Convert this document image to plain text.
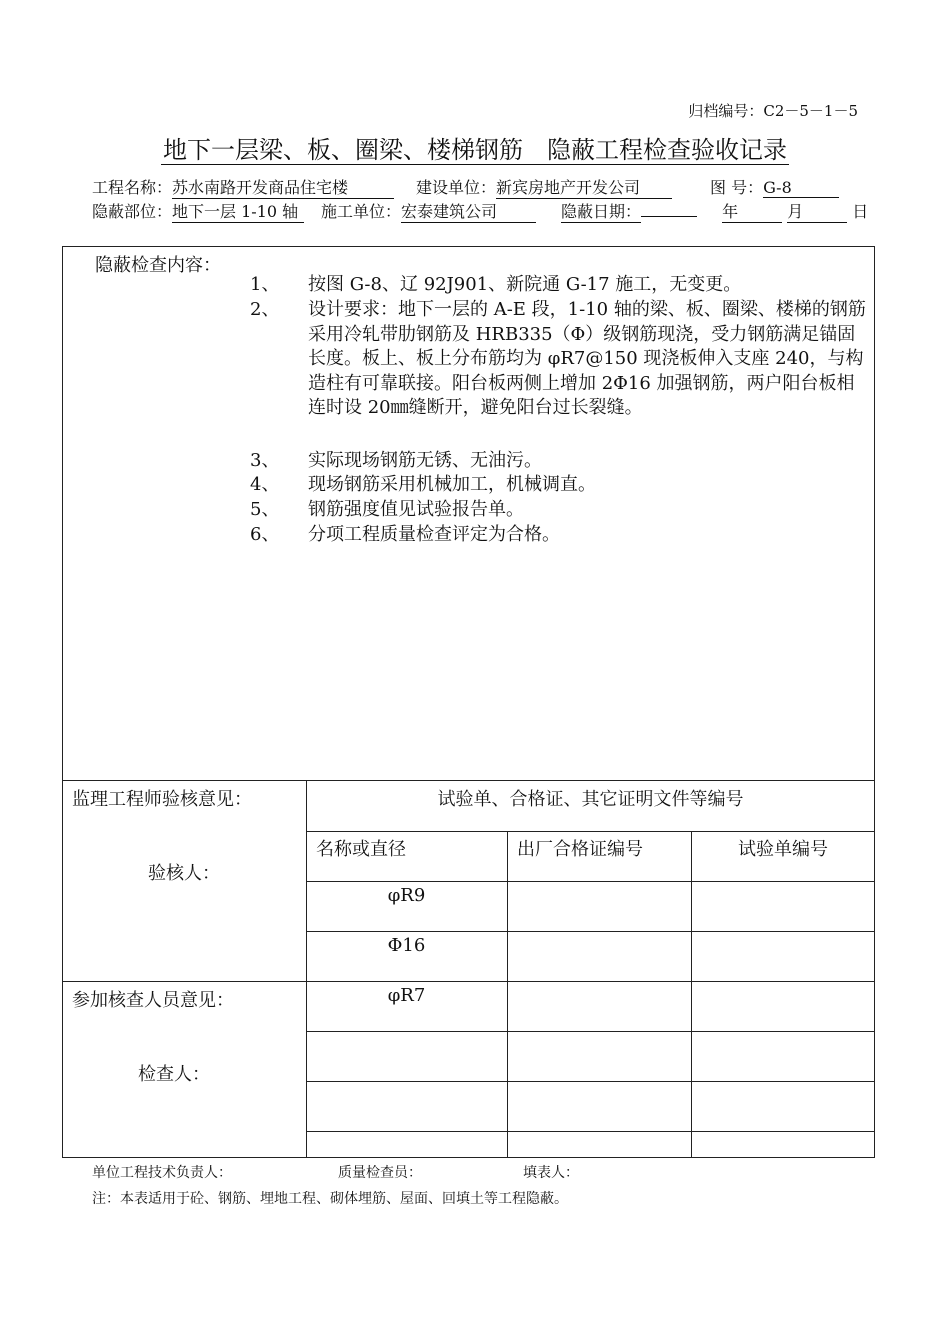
归档编号：C2－5－1－5
地下一层梁、板、圈梁、楼梯钢筋　隐蔽工程检查验收记录
工程名称：苏水南路开发商品住宅楼	建设单位：新宾房地产开发公司	图 号：G-8
隐蔽部位：地下一层 1-10 轴	施工单位：宏泰建筑公司	隐蔽日期：	年	月	日
隐蔽检查内容：
1、 按图 G-8、辽 92J901、新院通 G-17 施工，无变更。
2、 设计要求：地下一层的 A-E 段，1-10 轴的梁、板、圈梁、楼梯的钢筋采用冷轧带肋钢筋及 HRB335（Φ）级钢筋现浇，受力钢筋满足锚固长度。板上、板上分布筋均为 φR7@150 现浇板伸入支座 240，与构造柱有可靠联接。阳台板两侧上增加 2Φ16 加强钢筋，两户阳台板相连时设 20㎜缝断开，避免阳台过长裂缝。
3、 实际现场钢筋无锈、无油污。
4、 现场钢筋采用机械加工，机械调直。
5、 钢筋强度值见试验报告单。
6、 分项工程质量检查评定为合格。
监理工程师验核意见：
验核人：
参加核查人员意见：
检查人：
试验单、合格证、其它证明文件等编号
名称或直径	出厂合格证编号	试验单编号
φR9
Φ16
φR7
单位工程技术负责人：	质量检查员：	填表人：
注：本表适用于砼、钢筋、埋地工程、砌体埋筋、屋面、回填土等工程隐蔽。
